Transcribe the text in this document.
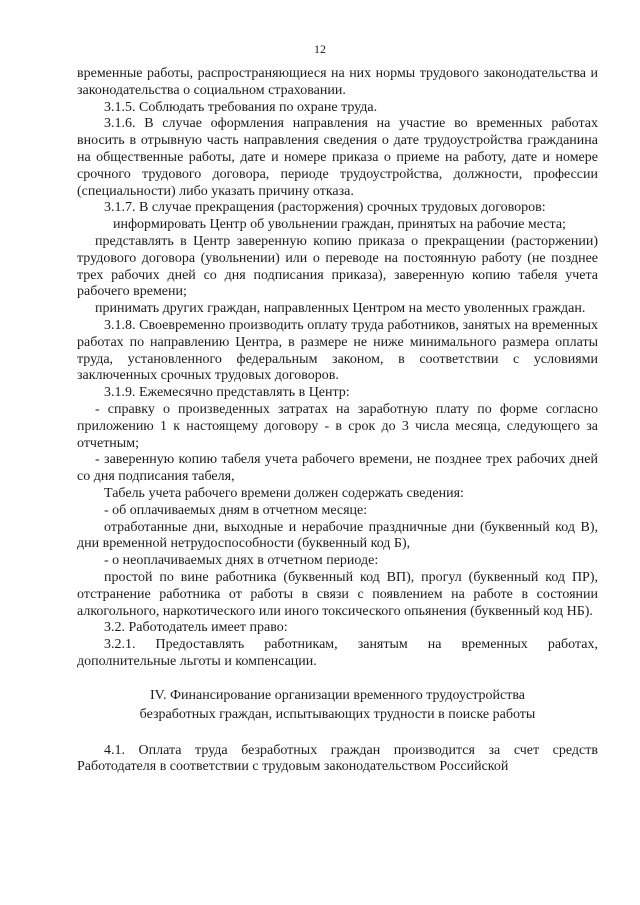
12

временные работы, распространяющиеся на них нормы трудового законодательства и законодательства о социальном страховании.

3.1.5. Соблюдать требования по охране труда.

3.1.6. В случае оформления направления на участие во временных работах вносить в отрывную часть направления сведения о дате трудоустройства гражданина на общественные работы, дате и номере приказа о приеме на работу, дате и номере срочного трудового договора, периоде трудоустройства, должности, профессии (специальности) либо указать причину отказа.

3.1.7. В случае прекращения (расторжения) срочных трудовых договоров:

информировать Центр об увольнении граждан, принятых на рабочие места;

представлять в Центр заверенную копию приказа о прекращении (расторжении) трудового договора (увольнении) или о переводе на постоянную работу (не позднее трех рабочих дней со дня подписания приказа), заверенную копию табеля учета рабочего времени;

принимать других граждан, направленных Центром на место уволенных граждан.

3.1.8. Своевременно производить оплату труда работников, занятых на временных работах по направлению Центра, в размере не ниже минимального размера оплаты труда, установленного федеральным законом, в соответствии с условиями заключенных срочных трудовых договоров.

3.1.9. Ежемесячно представлять в Центр:

- справку о произведенных затратах на заработную плату по форме согласно приложению 1 к настоящему договору - в срок до 3 числа месяца, следующего за отчетным;

- заверенную копию табеля учета рабочего времени, не позднее трех рабочих дней со дня подписания табеля,

Табель учета рабочего времени должен содержать сведения:

- об оплачиваемых дням в отчетном месяце:

отработанные дни, выходные и нерабочие праздничные дни (буквенный код В), дни временной нетрудоспособности (буквенный код Б),

- о неоплачиваемых днях в отчетном периоде:

простой по вине работника (буквенный код ВП), прогул (буквенный код ПР), отстранение работника от работы в связи с появлением на работе в состоянии алкогольного, наркотического или иного токсического опьянения (буквенный код НБ).

3.2. Работодатель имеет право:

3.2.1. Предоставлять работникам, занятым на временных работах, дополнительные льготы и компенсации.

IV. Финансирование организации временного трудоустройства
безработных граждан, испытывающих трудности в поиске работы

4.1. Оплата труда безработных граждан производится за счет средств Работодателя в соответствии с трудовым законодательством Российской
